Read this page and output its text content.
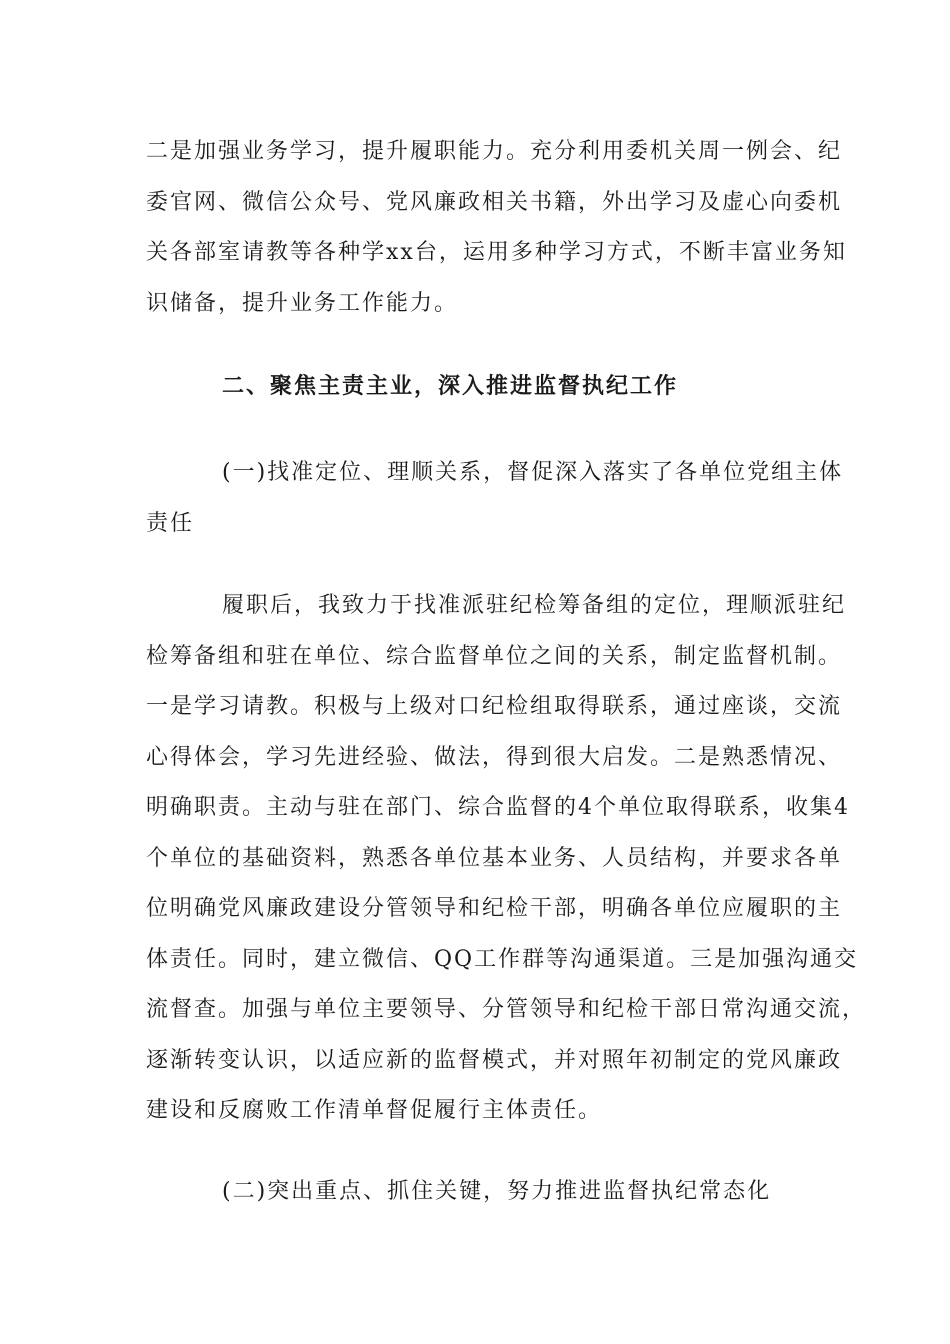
二是加强业务学习，提升履职能力。充分利用委机关周一例会、纪
委官网、微信公众号、党风廉政相关书籍，外出学习及虚心向委机
关各部室请教等各种学xx台，运用多种学习方式，不断丰富业务知
识储备，提升业务工作能力。
二、聚焦主责主业，深入推进监督执纪工作
(一)找准定位、理顺关系，督促深入落实了各单位党组主体
责任
履职后，我致力于找准派驻纪检筹备组的定位，理顺派驻纪
检筹备组和驻在单位、综合监督单位之间的关系，制定监督机制。
一是学习请教。积极与上级对口纪检组取得联系，通过座谈，交流
心得体会，学习先进经验、做法，得到很大启发。二是熟悉情况、
明确职责。主动与驻在部门、综合监督的4个单位取得联系，收集4
个单位的基础资料，熟悉各单位基本业务、人员结构，并要求各单
位明确党风廉政建设分管领导和纪检干部，明确各单位应履职的主
体责任。同时，建立微信、QQ工作群等沟通渠道。三是加强沟通交
流督查。加强与单位主要领导、分管领导和纪检干部日常沟通交流，
逐渐转变认识，以适应新的监督模式，并对照年初制定的党风廉政
建设和反腐败工作清单督促履行主体责任。
(二)突出重点、抓住关键，努力推进监督执纪常态化
